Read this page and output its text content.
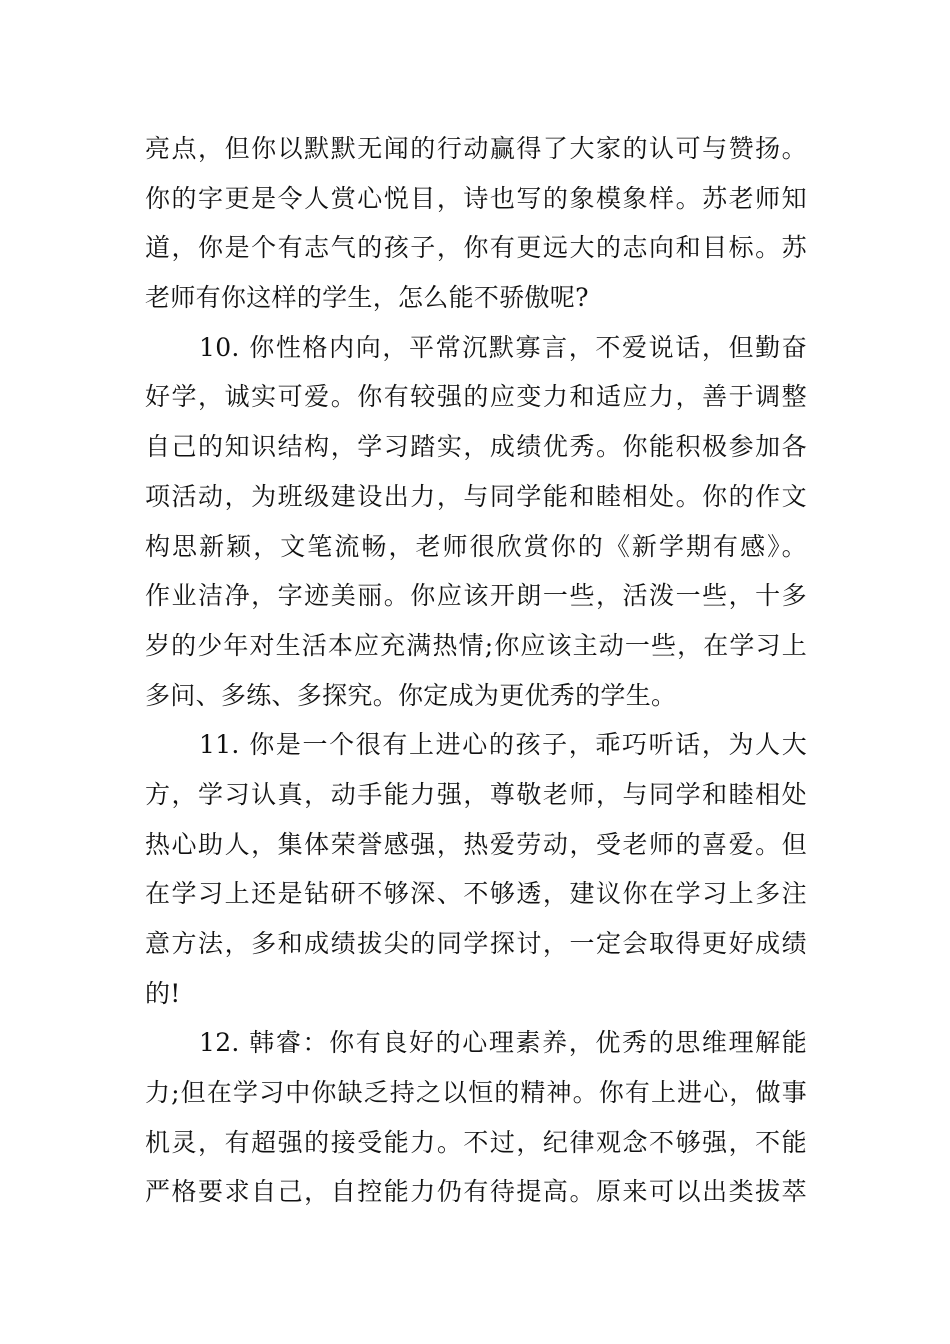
亮点，但你以默默无闻的行动赢得了大家的认可与赞扬。
你的字更是令人赏心悦目，诗也写的象模象样。苏老师知
道，你是个有志气的孩子，你有更远大的志向和目标。苏
老师有你这样的学生，怎么能不骄傲呢?
10. 你性格内向，平常沉默寡言，不爱说话，但勤奋
好学，诚实可爱。你有较强的应变力和适应力，善于调整
自己的知识结构，学习踏实，成绩优秀。你能积极参加各
项活动，为班级建设出力，与同学能和睦相处。你的作文
构思新颖，文笔流畅，老师很欣赏你的《新学期有感》。
作业洁净，字迹美丽。你应该开朗一些，活泼一些，十多
岁的少年对生活本应充满热情;你应该主动一些，在学习上
多问、多练、多探究。你定成为更优秀的学生。
11. 你是一个很有上进心的孩子，乖巧听话，为人大
方，学习认真，动手能力强，尊敬老师，与同学和睦相处
热心助人，集体荣誉感强，热爱劳动，受老师的喜爱。但
在学习上还是钻研不够深、不够透，建议你在学习上多注
意方法，多和成绩拔尖的同学探讨，一定会取得更好成绩
的!
12. 韩睿：你有良好的心理素养，优秀的思维理解能
力;但在学习中你缺乏持之以恒的精神。你有上进心，做事
机灵，有超强的接受能力。不过，纪律观念不够强，不能
严格要求自己，自控能力仍有待提高。原来可以出类拔萃
